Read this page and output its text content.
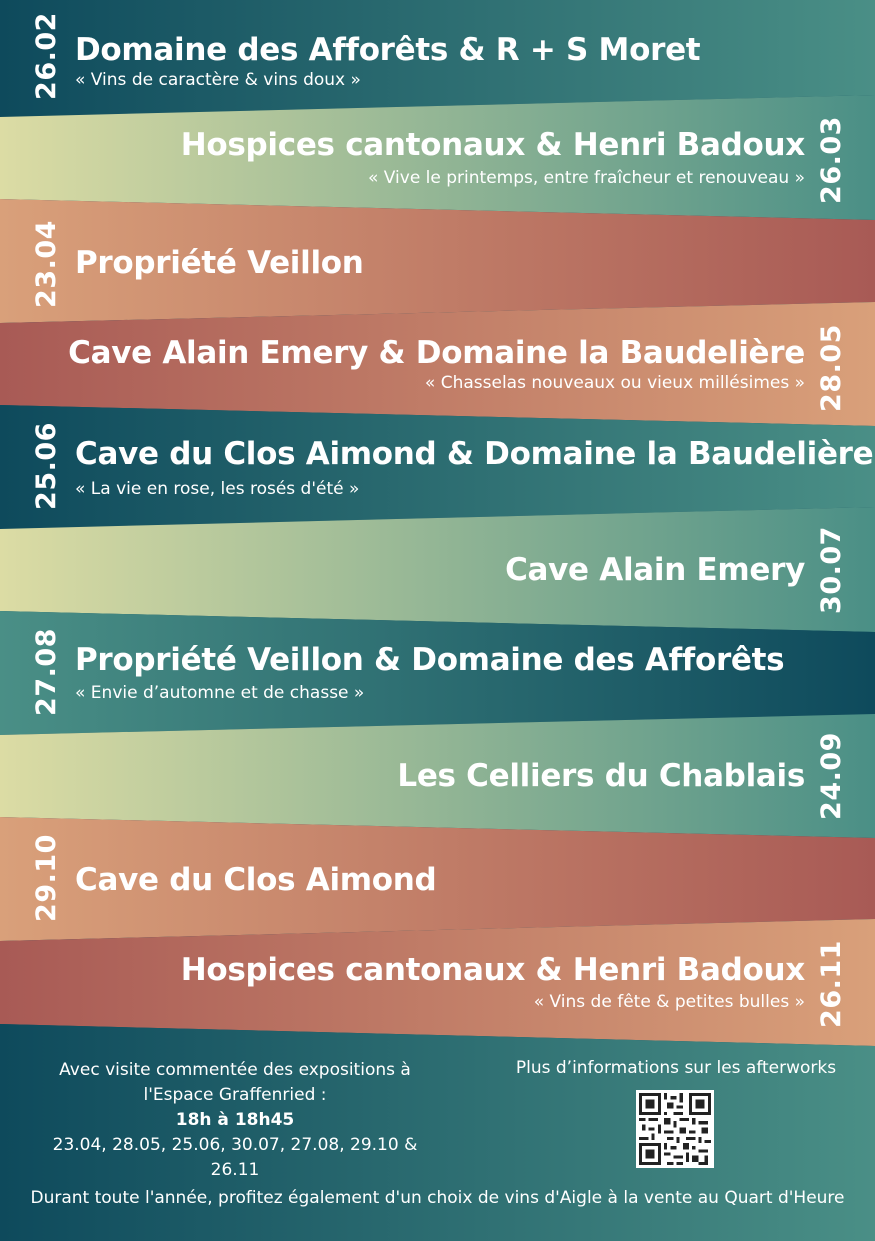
26.02 Domaine des Afforêts & R + S Moret
« Vins de caractère & vins doux »
26.03
Hospices cantonaux & Henri Badoux
« Vive le printemps, entre fraîcheur et renouveau »
23.04 Propriété Veillon
28.05
Cave Alain Emery & Domaine la Baudelière
« Chasselas nouveaux ou vieux millésimes »
25.06 Cave du Clos Aimond & Domaine la Baudelière
« La vie en rose, les rosés d'été »
30.07
Cave Alain Emery
27.08 Propriété Veillon & Domaine des Afforêts
« Envie d’automne et de chasse »
24.09
Les Celliers du Chablais
29.10 Cave du Clos Aimond
26.11
Hospices cantonaux & Henri Badoux
« Vins de fête & petites bulles »
Avec visite commentée des expositions à
l'Espace Graffenried :
18h à 18h45
23.04, 28.05, 25.06, 30.07, 27.08, 29.10 & 26.11
Plus d’informations sur les afterworks
Durant toute l'année, profitez également d'un choix de vins d'Aigle à la vente au Quart d'Heure
